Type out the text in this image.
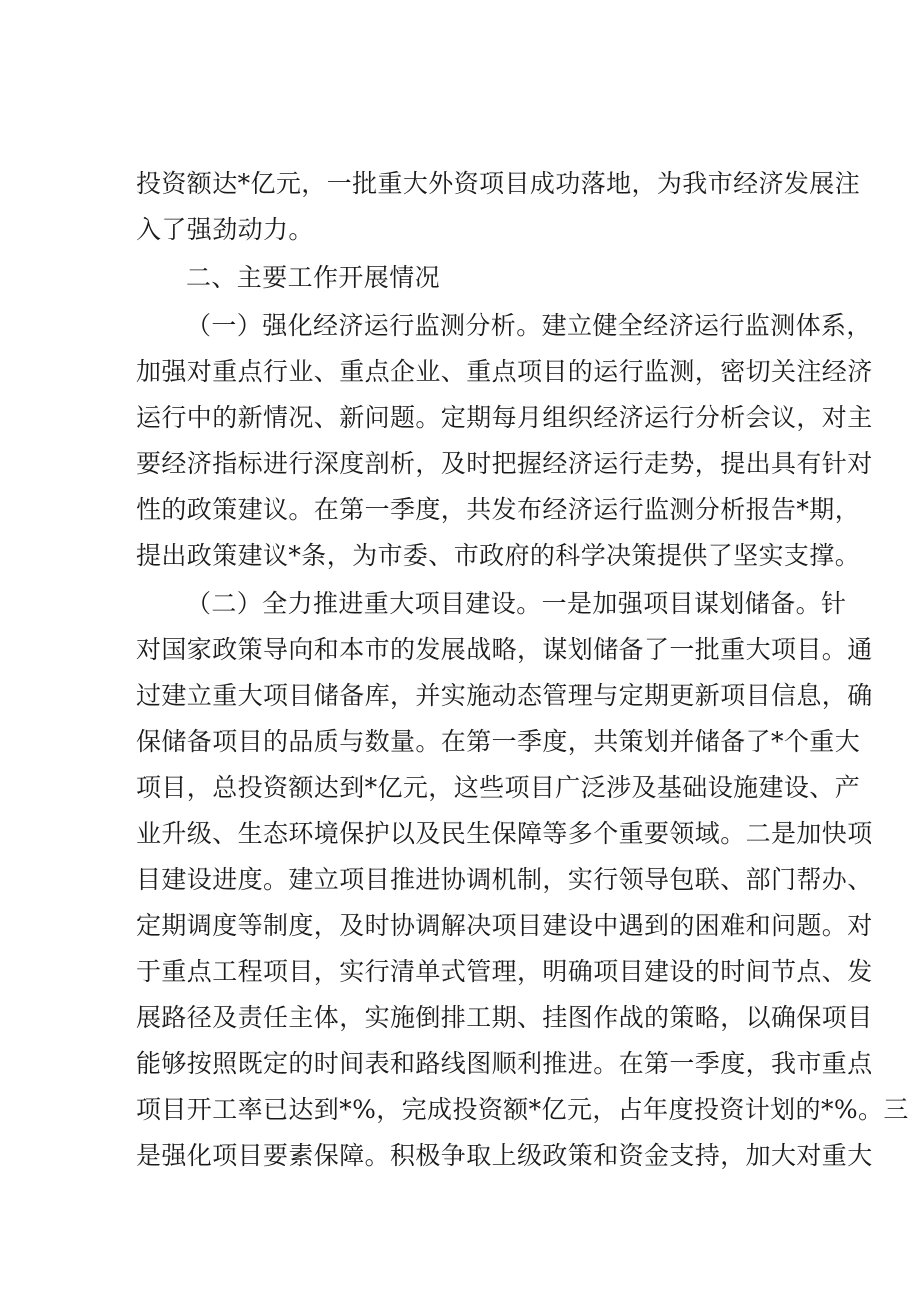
投资额达*亿元，一批重大外资项目成功落地，为我市经济发展注
入了强劲动力。
二、主要工作开展情况
（一）强化经济运行监测分析。建立健全经济运行监测体系，
加强对重点行业、重点企业、重点项目的运行监测，密切关注经济
运行中的新情况、新问题。定期每月组织经济运行分析会议，对主
要经济指标进行深度剖析，及时把握经济运行走势，提出具有针对
性的政策建议。在第一季度，共发布经济运行监测分析报告*期，
提出政策建议*条，为市委、市政府的科学决策提供了坚实支撑。
（二）全力推进重大项目建设。一是加强项目谋划储备。针
对国家政策导向和本市的发展战略，谋划储备了一批重大项目。通
过建立重大项目储备库，并实施动态管理与定期更新项目信息，确
保储备项目的品质与数量。在第一季度，共策划并储备了*个重大
项目，总投资额达到*亿元，这些项目广泛涉及基础设施建设、产
业升级、生态环境保护以及民生保障等多个重要领域。二是加快项
目建设进度。建立项目推进协调机制，实行领导包联、部门帮办、
定期调度等制度，及时协调解决项目建设中遇到的困难和问题。对
于重点工程项目，实行清单式管理，明确项目建设的时间节点、发
展路径及责任主体，实施倒排工期、挂图作战的策略，以确保项目
能够按照既定的时间表和路线图顺利推进。在第一季度，我市重点
项目开工率已达到*%，完成投资额*亿元，占年度投资计划的*%。三
是强化项目要素保障。积极争取上级政策和资金支持，加大对重大
